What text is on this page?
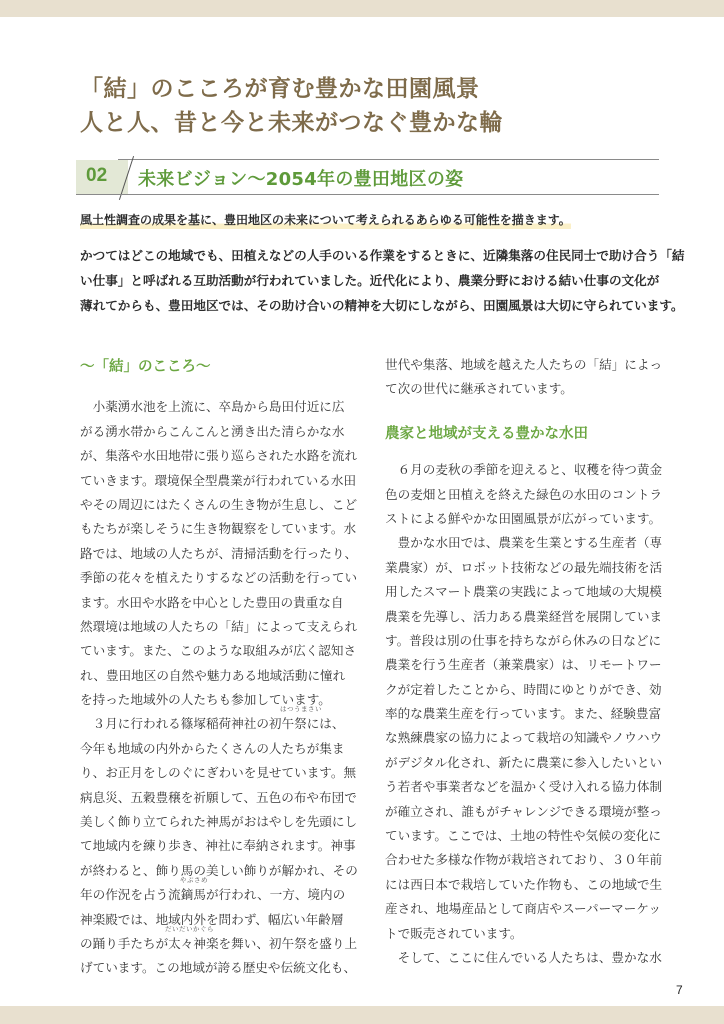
「結」のこころが育む豊かな田園風景
人と人、昔と今と未来がつなぐ豊かな輪
02 未来ビジョン～2054年の豊田地区の姿
風土性調査の成果を基に、豊田地区の未来について考えられるあらゆる可能性を描きます。
かつてはどこの地域でも、田植えなどの人手のいる作業をするときに、近隣集落の住民同士で助け合う「結
い仕事」と呼ばれる互助活動が行われていました。近代化により、農業分野における結い仕事の文化が
薄れてからも、豊田地区では、その助け合いの精神を大切にしながら、田園風景は大切に守られています。
～「結」のこころ～
　小薬湧水池を上流に、卒島から島田付近に広
がる湧水帯からこんこんと湧き出た清らかな水
が、集落や水田地帯に張り巡らされた水路を流れ
ていきます。環境保全型農業が行われている水田
やその周辺にはたくさんの生き物が生息し、こど
もたちが楽しそうに生き物観察をしています。水
路では、地域の人たちが、清掃活動を行ったり、
季節の花々を植えたりするなどの活動を行ってい
ます。水田や水路を中心とした豊田の貴重な自
然環境は地域の人たちの「結」によって支えられ
ています。また、このような取組みが広く認知さ
れ、豊田地区の自然や魅力ある地域活動に憧れ
を持った地域外の人たちも参加しています。
はつうまさい
　３月に行われる篠塚稲荷神社の初午祭には、
今年も地域の内外からたくさんの人たちが集ま
り、お正月をしのぐにぎわいを見せています。無
病息災、五穀豊穣を祈願して、五色の布や布団で
美しく飾り立てられた神馬がおはやしを先頭にし
て地域内を練り歩き、神社に奉納されます。神事
が終わると、飾り馬の美しい飾りが解かれ、その
やぶさめ
年の作況を占う流鏑馬が行われ、一方、境内の
神楽殿では、地域内外を問わず、幅広い年齢層
だいだいかぐら
の踊り手たちが太々神楽を舞い、初午祭を盛り上
げています。この地域が誇る歴史や伝統文化も、
世代や集落、地域を越えた人たちの「結」によっ
て次の世代に継承されています。
農家と地域が支える豊かな水田
　６月の麦秋の季節を迎えると、収穫を待つ黄金
色の麦畑と田植えを終えた緑色の水田のコントラ
ストによる鮮やかな田園風景が広がっています。
　豊かな水田では、農業を生業とする生産者（専
業農家）が、ロボット技術などの最先端技術を活
用したスマート農業の実践によって地域の大規模
農業を先導し、活力ある農業経営を展開していま
す。普段は別の仕事を持ちながら休みの日などに
農業を行う生産者（兼業農家）は、リモートワー
クが定着したことから、時間にゆとりができ、効
率的な農業生産を行っています。また、経験豊富
な熟練農家の協力によって栽培の知識やノウハウ
がデジタル化され、新たに農業に参入したいとい
う若者や事業者などを温かく受け入れる協力体制
が確立され、誰もがチャレンジできる環境が整っ
ています。ここでは、土地の特性や気候の変化に
合わせた多様な作物が栽培されており、３０年前
には西日本で栽培していた作物も、この地域で生
産され、地場産品として商店やスーパーマーケッ
トで販売されています。
　そして、ここに住んでいる人たちは、豊かな水
7
